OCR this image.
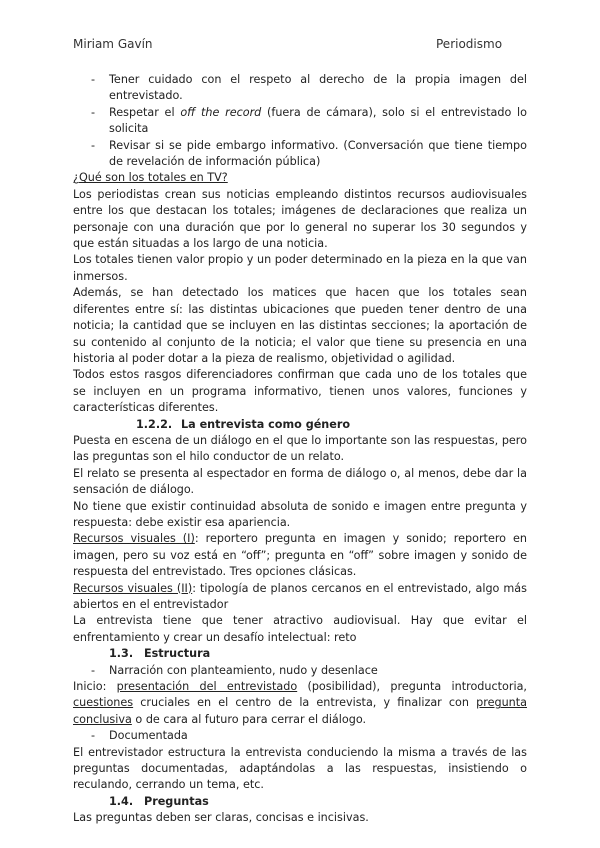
Miriam Gavín	Periodismo
- Tener cuidado con el respeto al derecho de la propia imagen del entrevistado.
- Respetar el off the record (fuera de cámara), solo si el entrevistado lo solicita
- Revisar si se pide embargo informativo. (Conversación que tiene tiempo de revelación de información pública)
¿Qué son los totales en TV?

Los periodistas crean sus noticias empleando distintos recursos audiovisuales entre los que destacan los totales; imágenes de declaraciones que realiza un personaje con una duración que por lo general no superar los 30 segundos y que están situadas a los largo de una noticia.

Los totales tienen valor propio y un poder determinado en la pieza en la que van inmersos.

Además, se han detectado los matices que hacen que los totales sean diferentes entre sí: las distintas ubicaciones que pueden tener dentro de una noticia; la cantidad que se incluyen en las distintas secciones; la aportación de su contenido al conjunto de la noticia; el valor que tiene su presencia en una historia al poder dotar a la pieza de realismo, objetividad o agilidad.

Todos estos rasgos diferenciadores confirman que cada uno de los totales que se incluyen en un programa informativo, tienen unos valores, funciones y características diferentes.

1.2.2. La entrevista como género

Puesta en escena de un diálogo en el que lo importante son las respuestas, pero las preguntas son el hilo conductor de un relato.

El relato se presenta al espectador en forma de diálogo o, al menos, debe dar la sensación de diálogo.

No tiene que existir continuidad absoluta de sonido e imagen entre pregunta y respuesta: debe existir esa apariencia.

Recursos visuales (I): reportero pregunta en imagen y sonido; reportero en imagen, pero su voz está en “off”; pregunta en “off” sobre imagen y sonido de respuesta del entrevistado. Tres opciones clásicas.

Recursos visuales (II): tipología de planos cercanos en el entrevistado, algo más abiertos en el entrevistador

La entrevista tiene que tener atractivo audiovisual. Hay que evitar el enfrentamiento y crear un desafío intelectual: reto

1.3. Estructura
- Narración con planteamiento, nudo y desenlace

Inicio: presentación del entrevistado (posibilidad), pregunta introductoria, cuestiones cruciales en el centro de la entrevista, y finalizar con pregunta conclusiva o de cara al futuro para cerrar el diálogo.

- Documentada

El entrevistador estructura la entrevista conduciendo la misma a través de las preguntas documentadas, adaptándolas a las respuestas, insistiendo o reculando, cerrando un tema, etc.

1.4. Preguntas

Las preguntas deben ser claras, concisas e incisivas.
